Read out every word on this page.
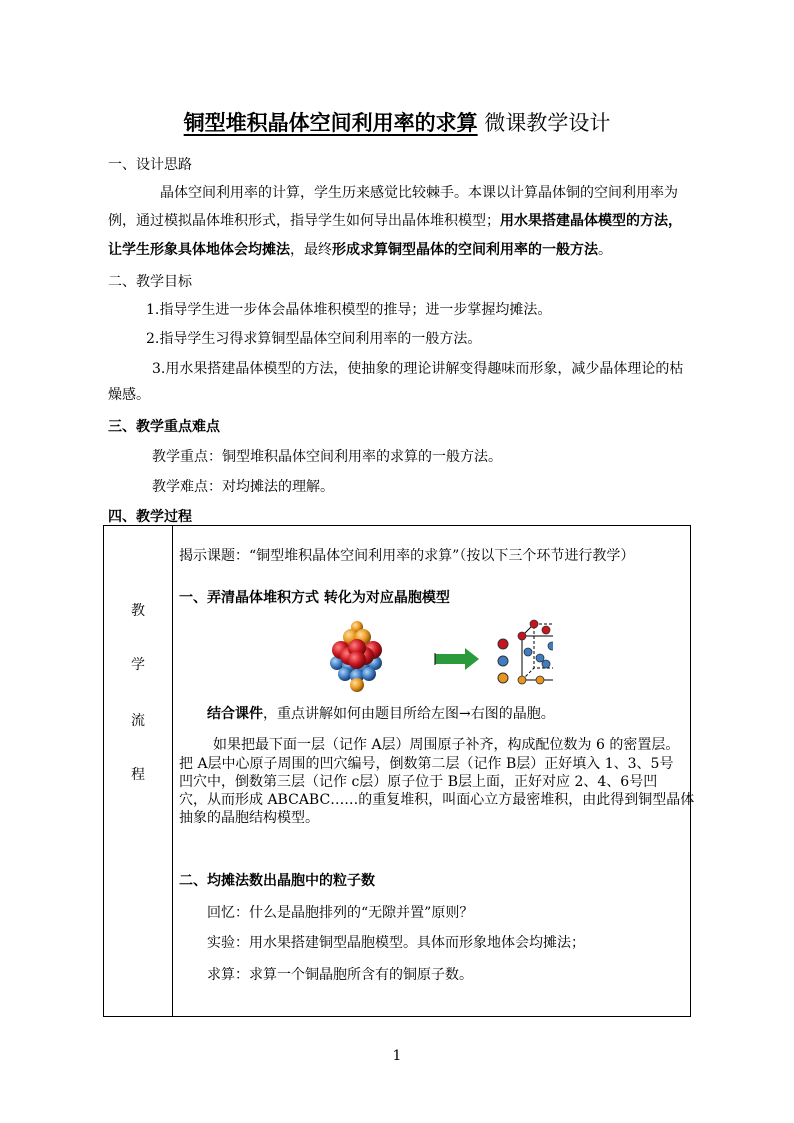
铜型堆积晶体空间利用率的求算 微课教学设计
一、设计思路
晶体空间利用率的计算，学生历来感觉比较棘手。本课以计算晶体铜的空间利用率为
例，通过模拟晶体堆积形式，指导学生如何导出晶体堆积模型；用水果搭建晶体模型的方法，
让学生形象具体地体会均摊法，最终形成求算铜型晶体的空间利用率的一般方法。
二、教学目标
1.指导学生进一步体会晶体堆积模型的推导；进一步掌握均摊法。
2.指导学生习得求算铜型晶体空间利用率的一般方法。
3.用水果搭建晶体模型的方法，使抽象的理论讲解变得趣味而形象，减少晶体理论的枯
燥感。
三、教学重点难点
教学重点：铜型堆积晶体空间利用率的求算的一般方法。
教学难点：对均摊法的理解。
四、教学过程
教
学
流
程

揭示课题：“铜型堆积晶体空间利用率的求算”（按以下三个环节进行教学）
一、弄清晶体堆积方式 转化为对应晶胞模型
结合课件，重点讲解如何由题目所给左图→右图的晶胞。
如果把最下面一层（记作 A层）周围原子补齐，构成配位数为 6 的密置层。
把 A层中心原子周围的凹穴编号，倒数第二层（记作 B层）正好填入 1、3、5号
凹穴中，倒数第三层（记作 c层）原子位于 B层上面，正好对应 2、4、6号凹
穴，从而形成 ABCABC……的重复堆积，叫面心立方最密堆积，由此得到铜型晶体
抽象的晶胞结构模型。
二、均摊法数出晶胞中的粒子数
回忆：什么是晶胞排列的“无隙并置”原则？
实验：用水果搭建铜型晶胞模型。具体而形象地体会均摊法；
求算：求算一个铜晶胞所含有的铜原子数。
1
